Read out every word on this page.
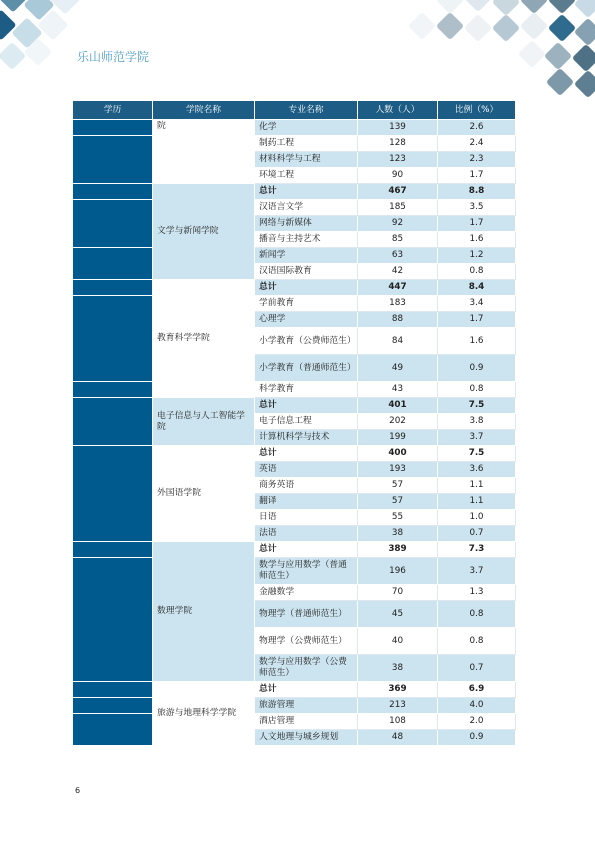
乐山师范学院
学历	学院名称	专业名称	人数（人）	比例（%）
	院	化学	139	2.6
		制药工程	128	2.4
		材料科学与工程	123	2.3
		环境工程	90	1.7
	文学与新闻学院	总计	467	8.8
		汉语言文学	185	3.5
		网络与新媒体	92	1.7
		播音与主持艺术	85	1.6
		新闻学	63	1.2
		汉语国际教育	42	0.8
	教育科学学院	总计	447	8.4
		学前教育	183	3.4
		心理学	88	1.7
		小学教育（公费师范生）	84	1.6
		小学教育（普通师范生）	49	0.9
		科学教育	43	0.8
	电子信息与人工智能学院	总计	401	7.5
		电子信息工程	202	3.8
		计算机科学与技术	199	3.7
	外国语学院	总计	400	7.5
		英语	193	3.6
		商务英语	57	1.1
		翻译	57	1.1
		日语	55	1.0
		法语	38	0.7
	数理学院	总计	389	7.3
		数学与应用数学（普通师范生）	196	3.7
		金融数学	70	1.3
		物理学（普通师范生）	45	0.8
		物理学（公费师范生）	40	0.8
		数学与应用数学（公费师范生）	38	0.7
	旅游与地理科学学院	总计	369	6.9
		旅游管理	213	4.0
		酒店管理	108	2.0
		人文地理与城乡规划	48	0.9
6
